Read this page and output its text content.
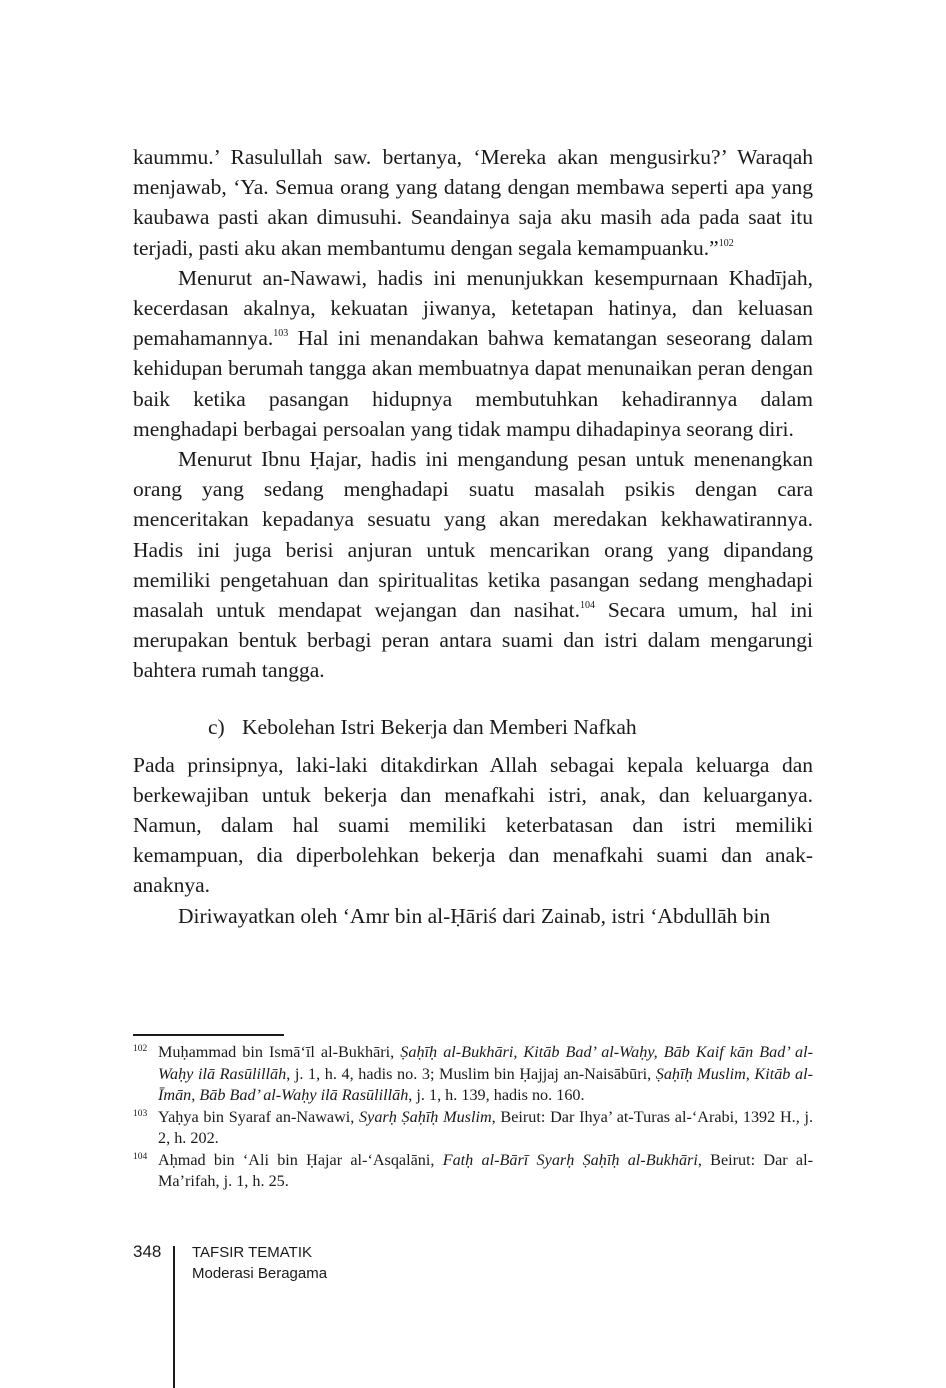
kaummu.’ Rasulullah saw. bertanya, ‘Mereka akan mengusirku?’ Waraqah menjawab, ‘Ya. Semua orang yang datang dengan membawa seperti apa yang kaubawa pasti akan dimusuhi. Seandainya saja aku masih ada pada saat itu terjadi, pasti aku akan membantumu dengan segala kemampuanku.”$^{102}$

Menurut an-Nawawi, hadis ini menunjukkan kesempurnaan Khadījah, kecerdasan akalnya, kekuatan jiwanya, ketetapan hatinya, dan keluasan pemahamannya.$^{103}$ Hal ini menandakan bahwa kematangan seseorang dalam kehidupan berumah tangga akan membuatnya dapat menunaikan peran dengan baik ketika pasangan hidupnya membutuhkan kehadirannya dalam menghadapi berbagai persoalan yang tidak mampu dihadapinya seorang diri.

Menurut Ibnu Ḥajar, hadis ini mengandung pesan untuk menenangkan orang yang sedang menghadapi suatu masalah psikis dengan cara menceritakan kepadanya sesuatu yang akan meredakan kekhawatirannya. Hadis ini juga berisi anjuran untuk mencarikan orang yang dipandang memiliki pengetahuan dan spiritualitas ketika pasangan sedang menghadapi masalah untuk mendapat wejangan dan nasihat.$^{104}$ Secara umum, hal ini merupakan bentuk berbagi peran antara suami dan istri dalam mengarungi bahtera rumah tangga.

c) Kebolehan Istri Bekerja dan Memberi Nafkah

Pada prinsipnya, laki-laki ditakdirkan Allah sebagai kepala keluarga dan berkewajiban untuk bekerja dan menafkahi istri, anak, dan keluarganya. Namun, dalam hal suami memiliki keterbatasan dan istri memiliki kemampuan, dia diperbolehkan bekerja dan menafkahi suami dan anak-anaknya.

Diriwayatkan oleh ‘Amr bin al-Ḥāriś dari Zainab, istri ‘Abdullāh bin

102 Muḥammad bin Ismā‘īl al-Bukhāri, Ṣaḥīḥ al-Bukhāri, Kitāb Bad’ al-Waḥy, Bāb Kaif kān Bad’ al-Waḥy ilā Rasūlillāh, j. 1, h. 4, hadis no. 3; Muslim bin Ḥajjaj an-Naisābūri, Ṣaḥīḥ Muslim, Kitāb al-Īmān, Bāb Bad’ al-Waḥy ilā Rasūlillāh, j. 1, h. 139, hadis no. 160.

103 Yaḥya bin Syaraf an-Nawawi, Syarḥ Ṣaḥīḥ Muslim, Beirut: Dar Ihya’ at-Turas al-‘Arabi, 1392 H., j. 2, h. 202.

104 Aḥmad bin ‘Ali bin Ḥajar al-‘Asqalāni, Fatḥ al-Bārī Syarḥ Ṣaḥīḥ al-Bukhāri, Beirut: Dar al-Ma’rifah, j. 1, h. 25.

348 TAFSIR TEMATIK
Moderasi Beragama
